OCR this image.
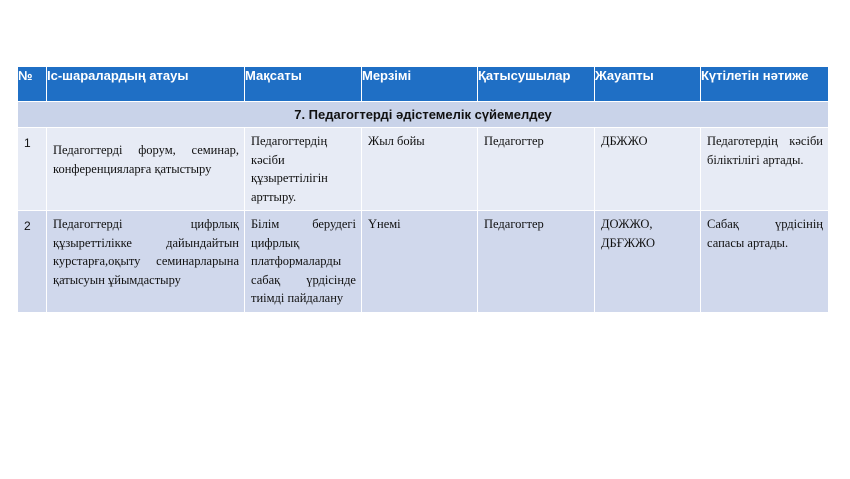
№	Іс-шаралардың атауы	Мақсаты	Мерзімі	Қатысушылар	Жауапты	Күтілетін нәтиже
7. Педагогтерді әдістемелік сүйемелдеу						
1	Педагогтерді форум, семинар, конференцияларға қатыстыру	Педагогтердің кәсіби құзыреттілігін арттыру.	Жыл бойы	Педагогтер	ДБЖЖО	Педаготердің кәсіби біліктілігі артады.
2	Педагогтерді цифрлық құзыреттілікке дайындайтын курстарға,оқыту семинарларына қатысуын ұйымдастыру	Білім берудегі цифрлық платформаларды сабақ үрдісінде тиімді пайдалану	Үнемі	Педагогтер	ДОЖЖО, ДБҒЖЖО	Сабақ үрдісінің сапасы артады.
